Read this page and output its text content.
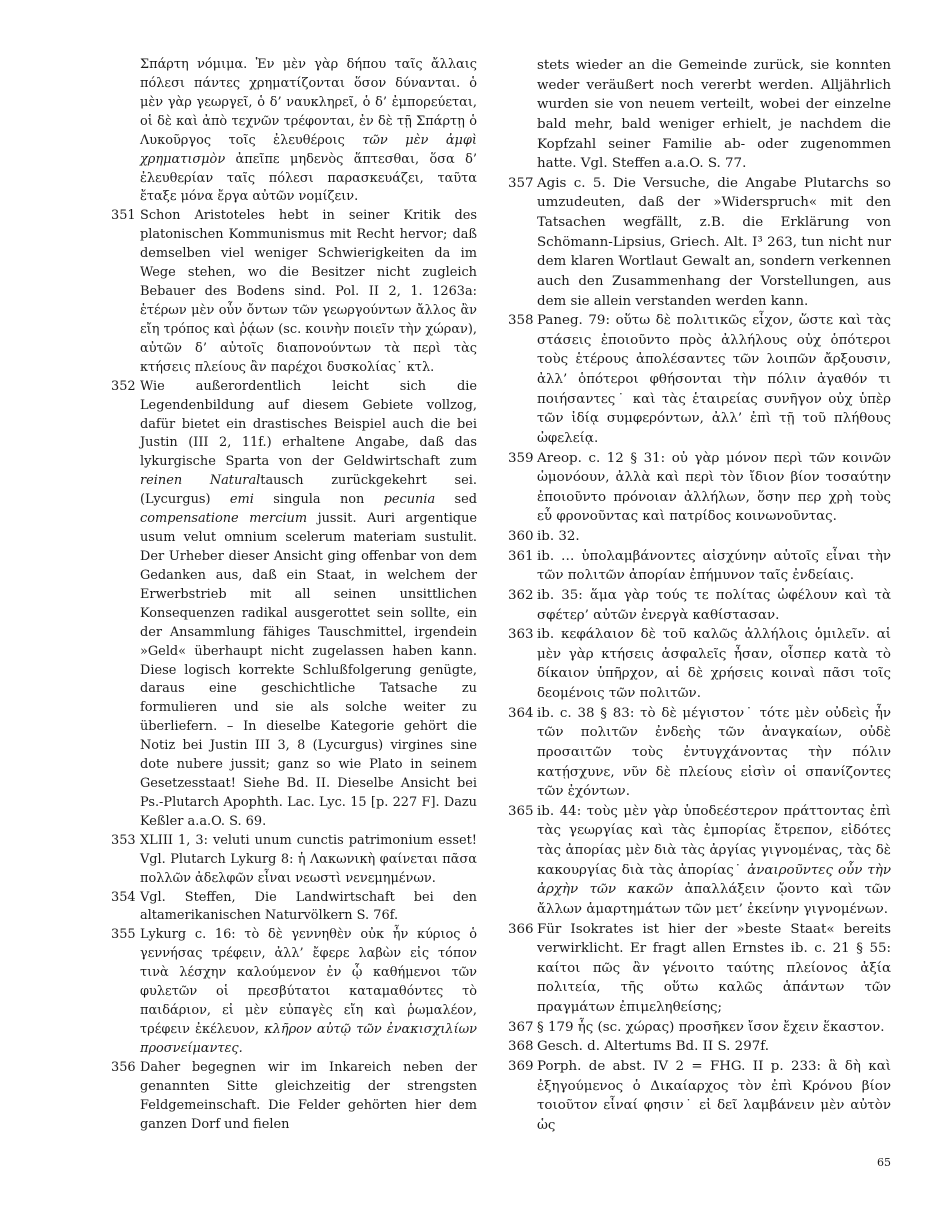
Σπάρτη νόμιμα. Ἐν μὲν γὰρ δήπου ταῖς ἄλλαις πόλεσι πάντες χρηματίζονται ὅσον δύνανται. ὁ μὲν γὰρ γεωργεῖ, ὁ δ’ ναυκληρεῖ, ὁ δ’ ἐμπορεύεται, οἱ δὲ καὶ ἀπὸ τεχνῶν τρέφονται, ἐν δὲ τῇ Σπάρτῃ ὁ Λυκοῦργος τοῖς ἐλευθέροις τῶν μὲν ἀμφὶ χρηματισμὸν ἀπεῖπε μηδενὸς ἅπτεσθαι, ὅσα δ’ ἐλευθερίαν ταῖς πόλεσι παρασκευάζει, ταῦτα ἔταξε μόνα ἔργα αὐτῶν νομίζειν.

351 Schon Aristoteles hebt in seiner Kritik des platonischen Kommunismus mit Recht hervor; daß demselben viel weniger Schwierigkeiten da im Wege stehen, wo die Besitzer nicht zugleich Bebauer des Bodens sind. Pol. II 2, 1. 1263a: ἑτέρων μὲν οὖν ὄντων τῶν γεωργούντων ἄλλος ἂν εἴη τρόπος καὶ ῥᾴων (sc. κοινὴν ποιεῖν τὴν χώραν), αὐτῶν δ’ αὐτοῖς διαπονούντων τὰ περὶ τὰς κτήσεις πλείους ἂν παρέχοι δυσκολίας˙ κτλ.

352 Wie außerordentlich leicht sich die Legendenbildung auf diesem Gebiete vollzog, dafür bietet ein drastisches Beispiel auch die bei Justin (III 2, 11f.) erhaltene Angabe, daß das lykurgische Sparta von der Geldwirtschaft zum reinen Naturaltausch zurückgekehrt sei. (Lycurgus) emi singula non pecunia sed compensatione mercium jussit. Auri argentique usum velut omnium scelerum materiam sustulit. Der Urheber dieser Ansicht ging offenbar von dem Gedanken aus, daß ein Staat, in welchem der Erwerbstrieb mit all seinen unsittlichen Konsequenzen radikal ausgerottet sein sollte, ein der Ansammlung fähiges Tauschmittel, irgendein »Geld« überhaupt nicht zugelassen haben kann. Diese logisch korrekte Schlußfolgerung genügte, daraus eine geschichtliche Tatsache zu formulieren und sie als solche weiter zu überliefern. – In dieselbe Kategorie gehört die Notiz bei Justin III 3, 8 (Lycurgus) virgines sine dote nubere jussit; ganz so wie Plato in seinem Gesetzesstaat! Siehe Bd. II. Dieselbe Ansicht bei Ps.-Plutarch Apophth. Lac. Lyc. 15 [p. 227 F]. Dazu Keßler a.a.O. S. 69.

353 XLIII 1, 3: veluti unum cunctis patrimonium esset! Vgl. Plutarch Lykurg 8: ἡ Λακωνικὴ φαίνεται πᾶσα πολλῶν ἀδελφῶν εἶναι νεωστὶ νενεμημένων.

354 Vgl. Steffen, Die Landwirtschaft bei den altamerikanischen Naturvölkern S. 76f.

355 Lykurg c. 16: τὸ δὲ γεννηθὲν οὐκ ἦν κύριος ὁ γεννήσας τρέφειν, ἀλλ’ ἔφερε λαβὼν εἰς τόπον τινὰ λέσχην καλούμενον ἐν ᾧ καθήμενοι τῶν φυλετῶν οἱ πρεσβύτατοι καταμαθόντες τὸ παιδάριον, εἰ μὲν εὐπαγὲς εἴη καὶ ῥωμαλέον, τρέφειν ἐκέλευον, κλῆρον αὐτῷ τῶν ἐνακισχιλίων προσνείμαντες.

356 Daher begegnen wir im Inkareich neben der genannten Sitte gleichzeitig der strengsten Feldgemeinschaft. Die Felder gehörten hier dem ganzen Dorf und fielen

stets wieder an die Gemeinde zurück, sie konnten weder veräußert noch vererbt werden. Alljährlich wurden sie von neuem verteilt, wobei der einzelne bald mehr, bald weniger erhielt, je nachdem die Kopfzahl seiner Familie ab- oder zugenommen hatte. Vgl. Steffen a.a.O. S. 77.

357 Agis c. 5. Die Versuche, die Angabe Plutarchs so umzudeuten, daß der »Widerspruch« mit den Tatsachen wegfällt, z.B. die Erklärung von Schömann-Lipsius, Griech. Alt. I³ 263, tun nicht nur dem klaren Wortlaut Gewalt an, sondern verkennen auch den Zusammenhang der Vorstellungen, aus dem sie allein verstanden werden kann.

358 Paneg. 79: οὕτω δὲ πολιτικῶς εἶχον, ὥστε καὶ τὰς στάσεις ἐποιοῦντο πρὸς ἀλλήλους οὐχ ὁπότεροι τοὺς ἑτέρους ἀπολέσαντες τῶν λοιπῶν ἄρξουσιν, ἀλλ’ ὁπότεροι φθήσονται τὴν πόλιν ἀγαθόν τι ποιήσαντες˙ καὶ τὰς ἑταιρείας συνῆγον οὐχ ὑπὲρ τῶν ἰδίᾳ συμφερόντων, ἀλλ’ ἐπὶ τῇ τοῦ πλήθους ὠφελείᾳ.

359 Areop. c. 12 § 31: οὐ γὰρ μόνον περὶ τῶν κοινῶν ὡμονόουν, ἀλλὰ καὶ περὶ τὸν ἴδιον βίον τοσαύτην ἐποιοῦντο πρόνοιαν ἀλλήλων, ὅσην περ χρὴ τοὺς εὖ φρονοῦντας καὶ πατρίδος κοινωνοῦντας.

360 ib. 32.

361 ib. … ὑπολαμβάνοντες αἰσχύνην αὑτοῖς εἶναι τὴν τῶν πολιτῶν ἀπορίαν ἐπήμυνον ταῖς ἐνδείαις.

362 ib. 35: ἅμα γὰρ τούς τε πολίτας ὠφέλουν καὶ τὰ σφέτερ’ αὐτῶν ἐνεργὰ καθίστασαν.

363 ib. κεφάλαιον δὲ τοῦ καλῶς ἀλλήλοις ὁμιλεῖν. αἱ μὲν γὰρ κτήσεις ἀσφαλεῖς ἦσαν, οἷσπερ κατὰ τὸ δίκαιον ὑπῆρχον, αἱ δὲ χρήσεις κοιναὶ πᾶσι τοῖς δεομένοις τῶν πολιτῶν.

364 ib. c. 38 § 83: τὸ δὲ μέγιστον˙ τότε μὲν οὐδεὶς ἦν τῶν πολιτῶν ἐνδεὴς τῶν ἀναγκαίων, οὐδὲ προσαιτῶν τοὺς ἐντυγχάνοντας τὴν πόλιν κατῄσχυνε, νῦν δὲ πλείους εἰσὶν οἱ σπανίζοντες τῶν ἐχόντων.

365 ib. 44: τοὺς μὲν γὰρ ὑποδεέστερον πράττοντας ἐπὶ τὰς γεωργίας καὶ τὰς ἐμπορίας ἔτρεπον, εἰδότες τὰς ἀπορίας μὲν διὰ τὰς ἀργίας γιγνομένας, τὰς δὲ κακουργίας διὰ τὰς ἀπορίας˙ ἀναιροῦντες οὖν τὴν ἀρχὴν τῶν κακῶν ἀπαλλάξειν ᾤοντο καὶ τῶν ἄλλων ἁμαρτημάτων τῶν μετ’ ἐκείνην γιγνομένων.

366 Für Isokrates ist hier der »beste Staat« bereits verwirklicht. Er fragt allen Ernstes ib. c. 21 § 55: καίτοι πῶς ἂν γένοιτο ταύτης πλείονος ἀξία πολιτεία, τῆς οὕτω καλῶς ἁπάντων τῶν πραγμάτων ἐπιμεληθείσης;

367 § 179 ἧς (sc. χώρας) προσῆκεν ἴσον ἔχειν ἕκαστον.

368 Gesch. d. Altertums Bd. II S. 297f.

369 Porph. de abst. IV 2 = FHG. II p. 233: ἃ δὴ καὶ ἐξηγούμενος ὁ Δικαίαρχος τὸν ἐπὶ Κρόνου βίον τοιοῦτον εἶναί φησιν˙ εἰ δεῖ λαμβάνειν μὲν αὐτὸν ὡς

65
